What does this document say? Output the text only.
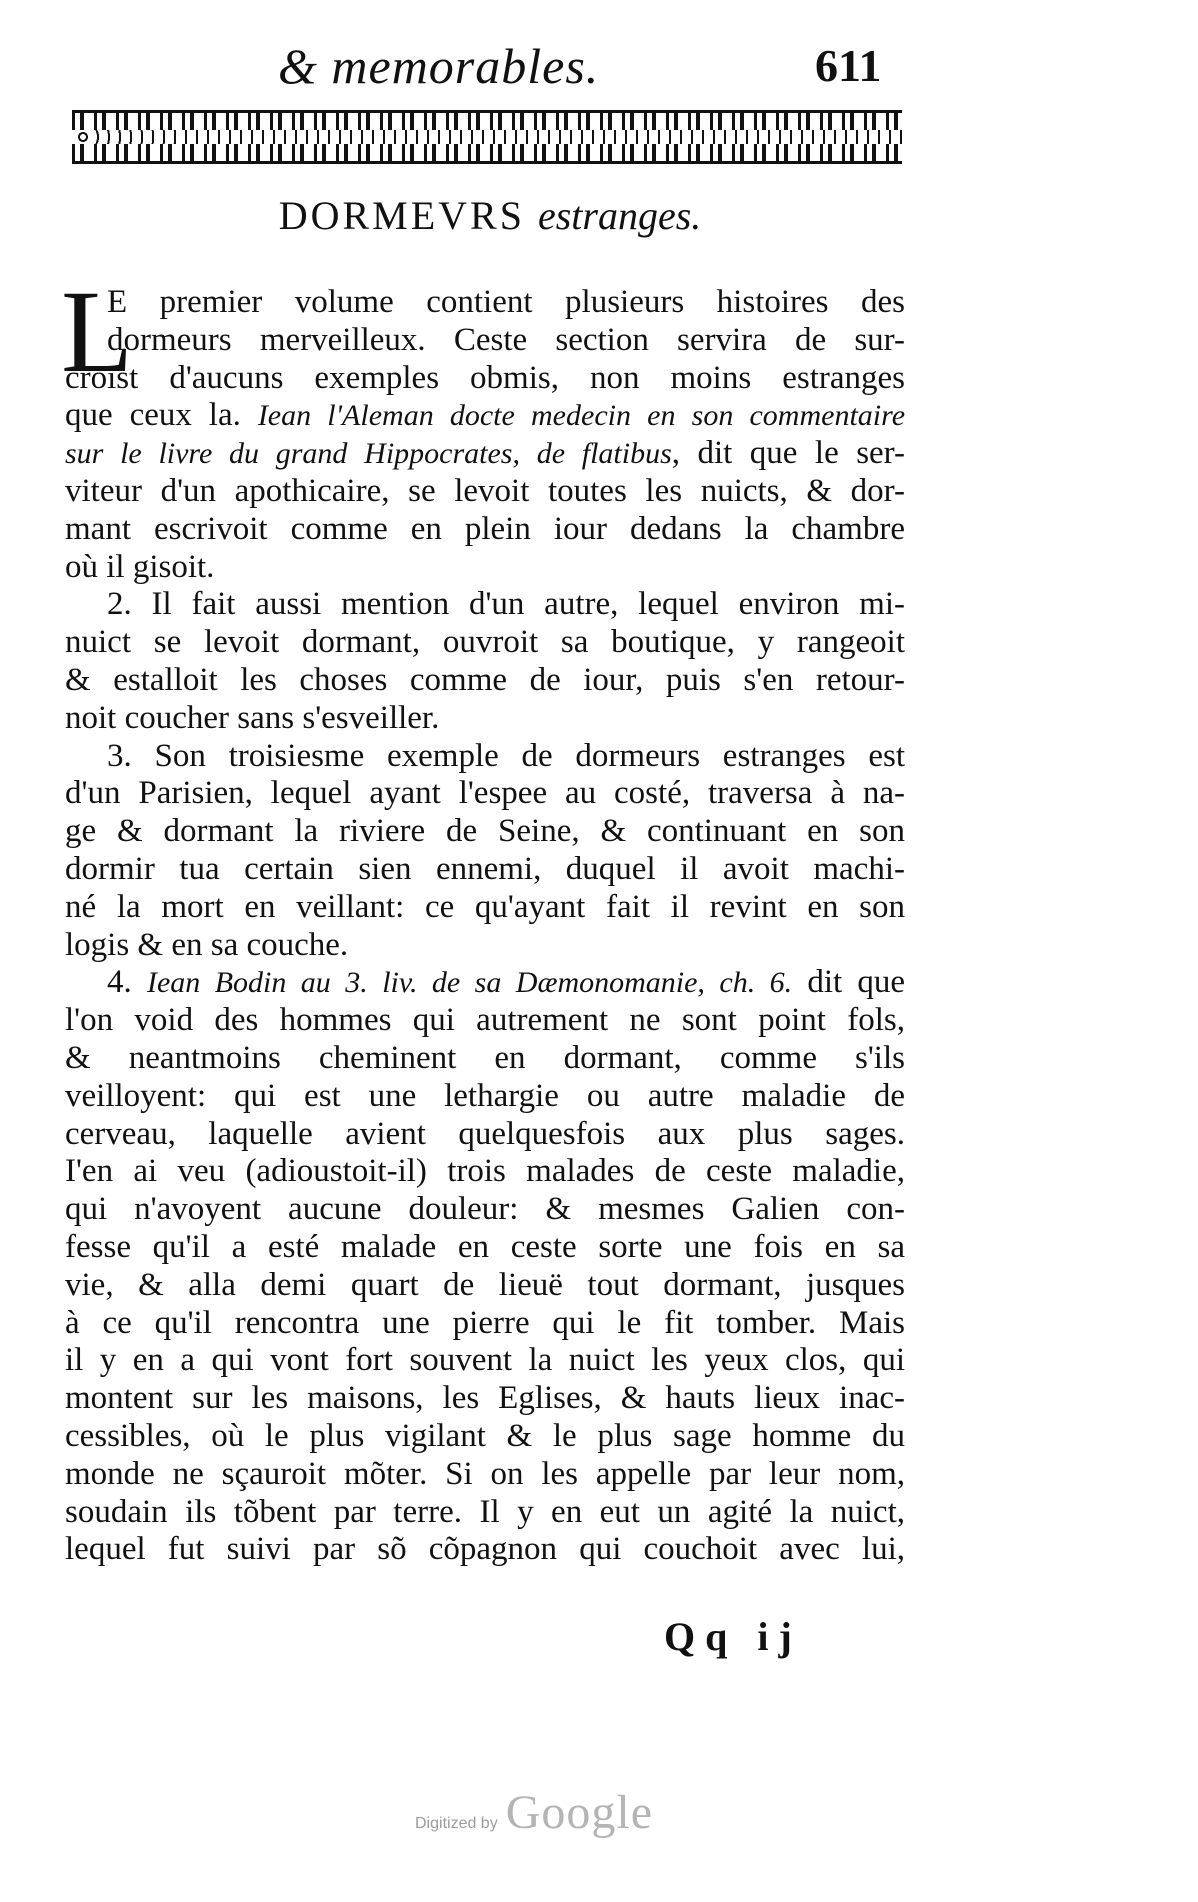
& memorables.	611
DORMEVRS estranges.
L
E premier volume contient plusieurs histoires des
dormeurs merveilleux. Ceste section servira de sur-
croist d'aucuns exemples obmis, non moins estranges
que ceux la. Iean l'Aleman docte medecin en son commentaire
sur le livre du grand Hippocrates, de flatibus, dit que le ser-
viteur d'un apothicaire, se levoit toutes les nuicts, & dor-
mant escrivoit comme en plein iour dedans la chambre
où il gisoit.
2. Il fait aussi mention d'un autre, lequel environ mi-
nuict se levoit dormant, ouvroit sa boutique, y rangeoit
& estalloit les choses comme de iour, puis s'en retour-
noit coucher sans s'esveiller.
3. Son troisiesme exemple de dormeurs estranges est
d'un Parisien, lequel ayant l'espee au costé, traversa à na-
ge & dormant la riviere de Seine, & continuant en son
dormir tua certain sien ennemi, duquel il avoit machi-
né la mort en veillant: ce qu'ayant fait il revint en son
logis & en sa couche.
4. Iean Bodin au 3. liv. de sa Dæmonomanie, ch. 6. dit que
l'on void des hommes qui autrement ne sont point fols,
& neantmoins cheminent en dormant, comme s'ils
veilloyent: qui est une lethargie ou autre maladie de
cerveau, laquelle avient quelquesfois aux plus sages.
I'en ai veu (adioustoit-il) trois malades de ceste maladie,
qui n'avoyent aucune douleur: & mesmes Galien con-
fesse qu'il a esté malade en ceste sorte une fois en sa
vie, & alla demi quart de lieuë tout dormant, jusques
à ce qu'il rencontra une pierre qui le fit tomber. Mais
il y en a qui vont fort souvent la nuict les yeux clos, qui
montent sur les maisons, les Eglises, & hauts lieux inac-
cessibles, où le plus vigilant & le plus sage homme du
monde ne sçauroit mõter. Si on les appelle par leur nom,
soudain ils tõbent par terre. Il y en eut un agité la nuict,
lequel fut suivi par sõ cõpagnon qui couchoit avec lui,
Qq ij
Digitized by Google
